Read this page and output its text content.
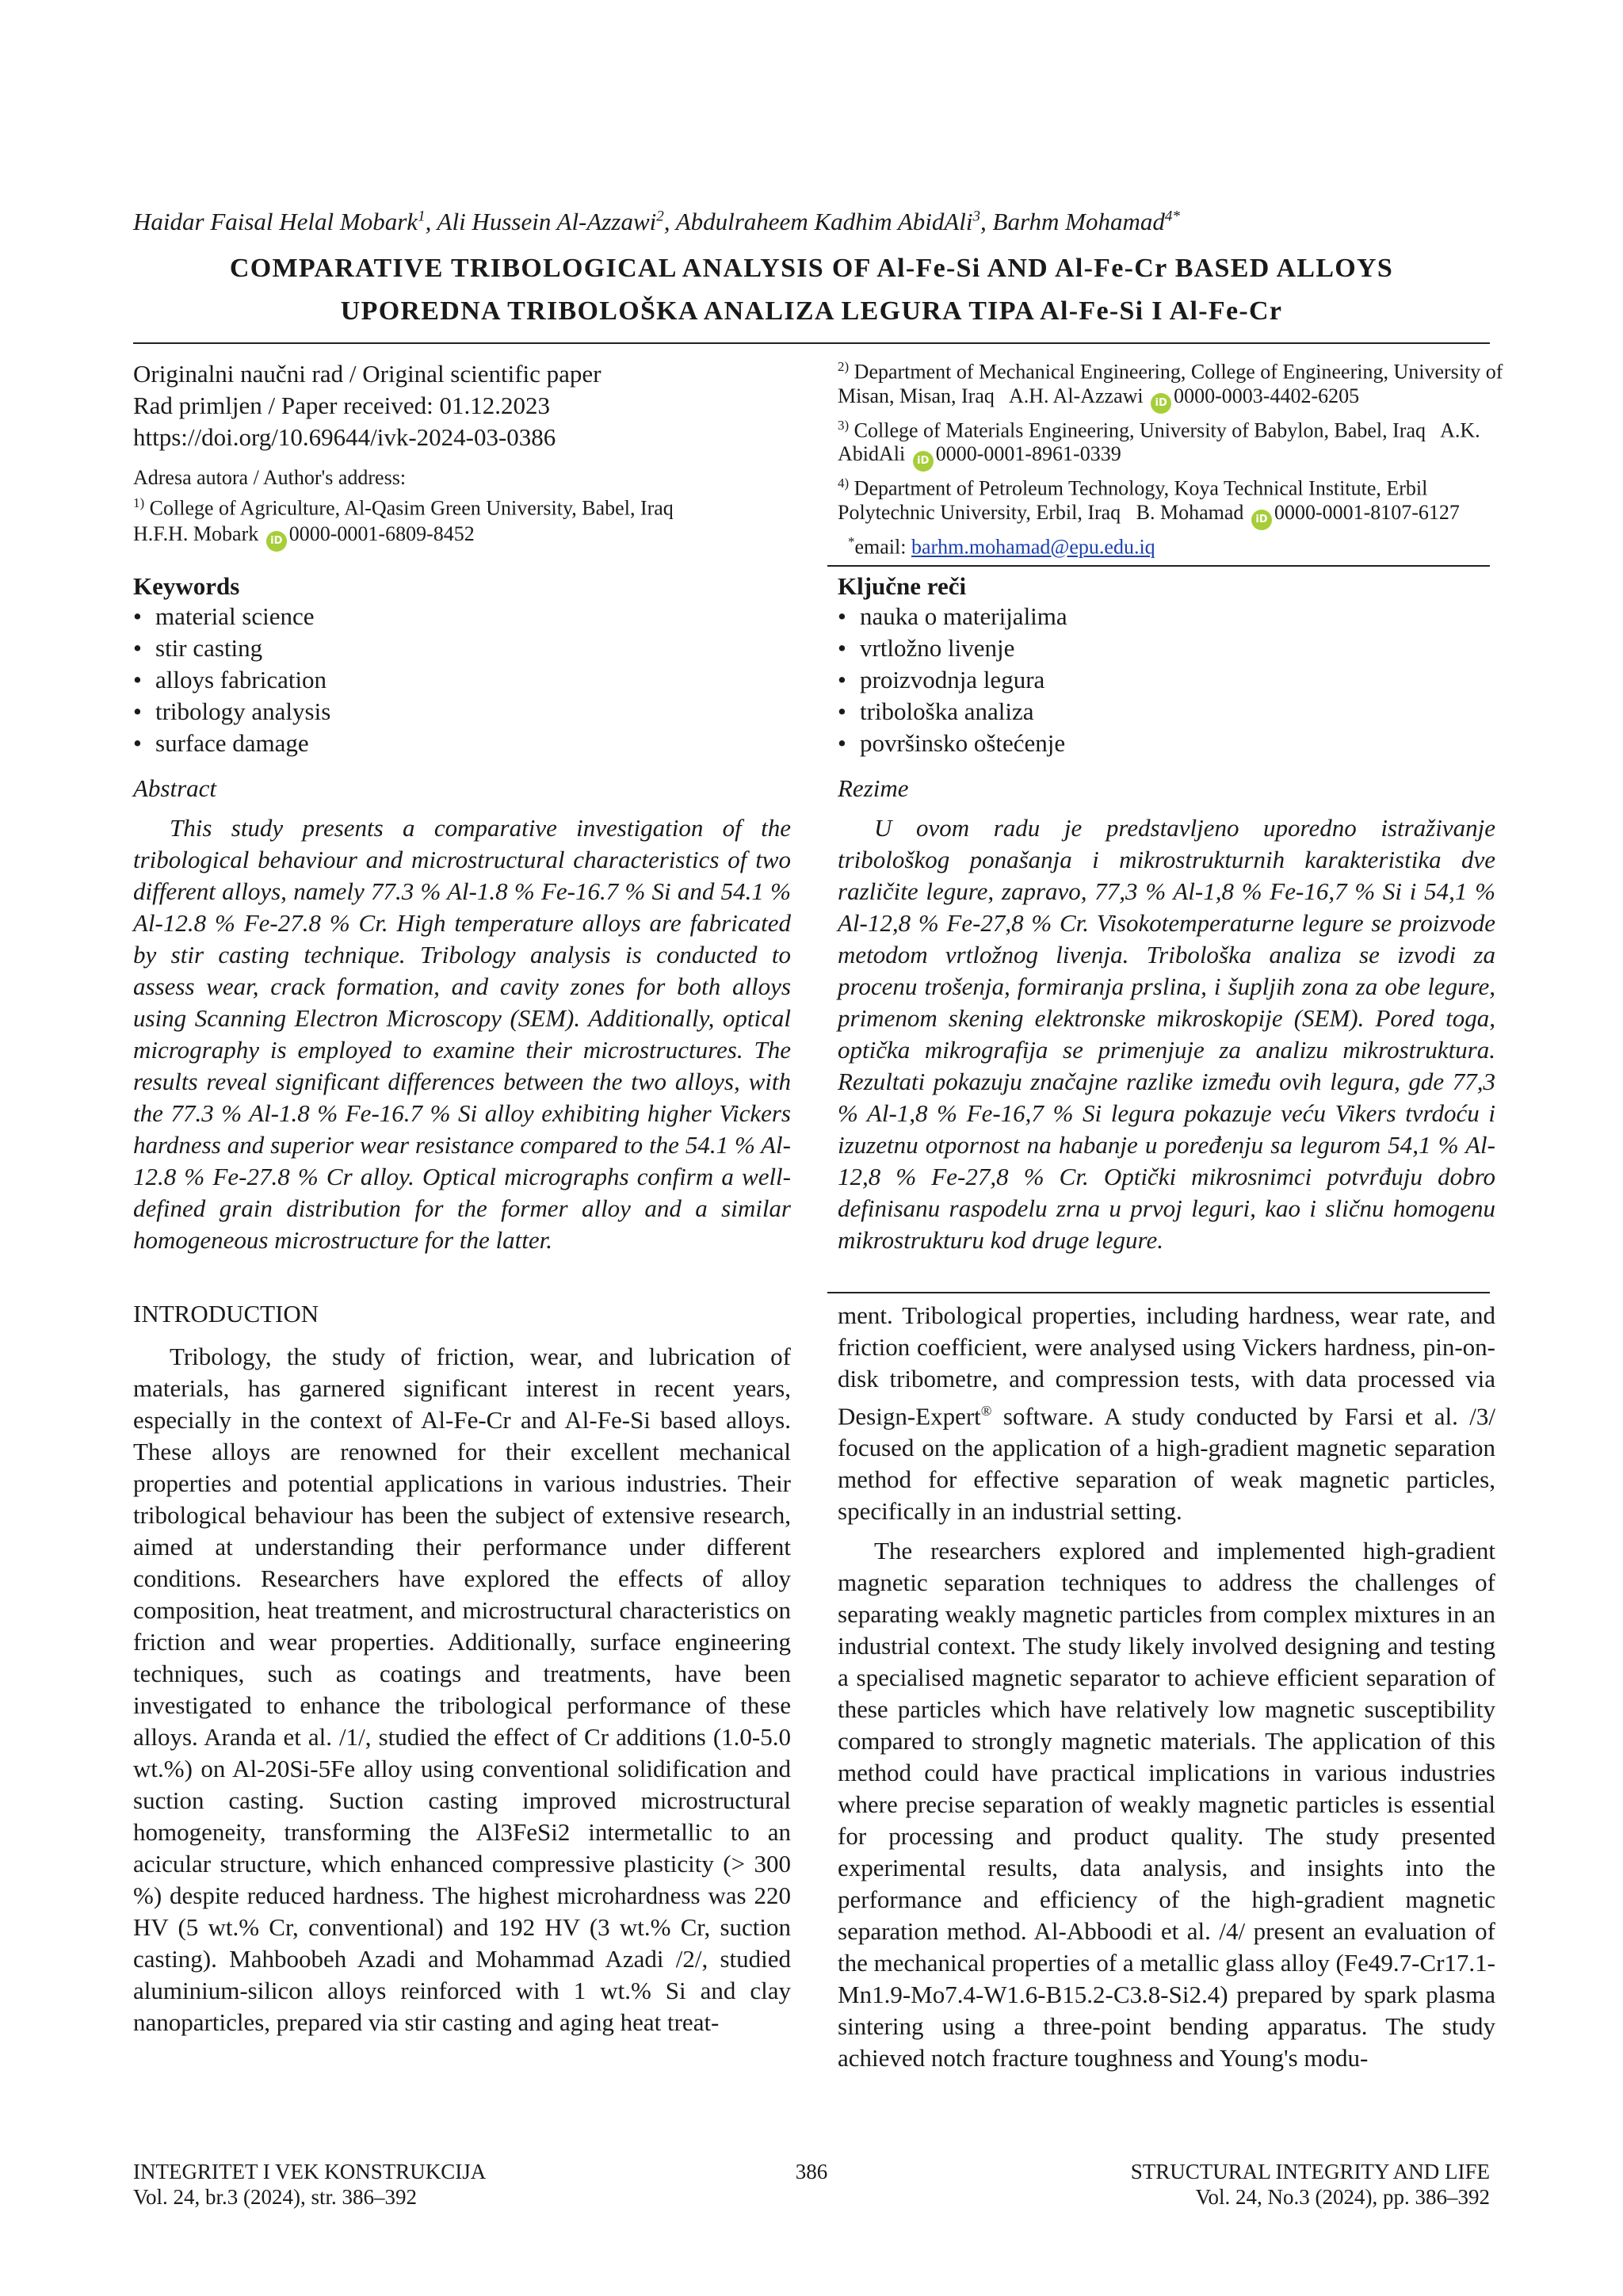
Haidar Faisal Helal Mobark$^1$, Ali Hussein Al-Azzawi$^2$, Abdulraheem Kadhim AbidAli$^3$, Barhm Mohamad$^{4*}$
COMPARATIVE TRIBOLOGICAL ANALYSIS OF Al-Fe-Si AND Al-Fe-Cr BASED ALLOYS
UPOREDNA TRIBOLOŠKA ANALIZA LEGURA TIPA Al-Fe-Si I Al-Fe-Cr
Originalni naučni rad / Original scientific paper
Rad primljen / Paper received: 01.12.2023
https://doi.org/10.69644/ivk-2024-03-0386
Adresa autora / Author's address:
$^{1)}$ College of Agriculture, Al-Qasim Green University, Babel, Iraq
H.F.H. Mobark iD 0000-0001-6809-8452
$^{2)}$ Department of Mechanical Engineering, College of Engineering, University of Misan, Misan, Iraq A.H. Al-Azzawi iD 0000-0003-4402-6205
$^{3)}$ College of Materials Engineering, University of Babylon, Babel, Iraq A.K. AbidAli iD 0000-0001-8961-0339
$^{4)}$ Department of Petroleum Technology, Koya Technical Institute, Erbil Polytechnic University, Erbil, Iraq B. Mohamad iD 0000-0001-8107-6127   *email: barhm.mohamad@epu.edu.iq
Keywords
• material science
• stir casting
• alloys fabrication
• tribology analysis
• surface damage
Ključne reči
• nauka o materijalima
• vrtložno livenje
• proizvodnja legura
• tribološka analiza
• površinsko oštećenje
Abstract
This study presents a comparative investigation of the tribological behaviour and microstructural characteristics of two different alloys, namely 77.3 % Al-1.8 % Fe-16.7 % Si and 54.1 % Al-12.8 % Fe-27.8 % Cr. High temperature alloys are fabricated by stir casting technique. Tribology analysis is conducted to assess wear, crack formation, and cavity zones for both alloys using Scanning Electron Microscopy (SEM). Additionally, optical micrography is employed to examine their microstructures. The results reveal significant differences between the two alloys, with the 77.3 % Al-1.8 % Fe-16.7 % Si alloy exhibiting higher Vickers hardness and superior wear resistance compared to the 54.1 % Al-12.8 % Fe-27.8 % Cr alloy. Optical micrographs confirm a well-defined grain distribution for the former alloy and a similar homogeneous microstructure for the latter.
Rezime
U ovom radu je predstavljeno uporedno istraživanje tribološkog ponašanja i mikrostrukturnih karakteristika dve različite legure, zapravo, 77,3 % Al-1,8 % Fe-16,7 % Si i 54,1 % Al-12,8 % Fe-27,8 % Cr. Visokotemperaturne legure se proizvode metodom vrtložnog livenja. Tribološka analiza se izvodi za procenu trošenja, formiranja prslina, i šupljih zona za obe legure, primenom skening elektronske mikroskopije (SEM). Pored toga, optička mikrografija se primenjuje za analizu mikrostruktura. Rezultati pokazuju značajne razlike između ovih legura, gde 77,3 % Al-1,8 % Fe-16,7 % Si legura pokazuje veću Vikers tvrdoću i izuzetnu otpornost na habanje u poređenju sa legurom 54,1 % Al-12,8 % Fe-27,8 % Cr. Optički mikrosnimci potvrđuju dobro definisanu raspodelu zrna u prvoj leguri, kao i sličnu homogenu mikrostrukturu kod druge legure.
INTRODUCTION

Tribology, the study of friction, wear, and lubrication of materials, has garnered significant interest in recent years, especially in the context of Al-Fe-Cr and Al-Fe-Si based alloys. These alloys are renowned for their excellent mechanical properties and potential applications in various industries. Their tribological behaviour has been the subject of extensive research, aimed at understanding their performance under different conditions. Researchers have explored the effects of alloy composition, heat treatment, and microstructural characteristics on friction and wear properties. Additionally, surface engineering techniques, such as coatings and treatments, have been investigated to enhance the tribological performance of these alloys. Aranda et al. /1/, studied the effect of Cr additions (1.0-5.0 wt.%) on Al-20Si-5Fe alloy using conventional solidification and suction casting. Suction casting improved microstructural homogeneity, transforming the Al3FeSi2 intermetallic to an acicular structure, which enhanced compressive plasticity (> 300 %) despite reduced hardness. The highest microhardness was 220 HV (5 wt.% Cr, conventional) and 192 HV (3 wt.% Cr, suction casting). Mahboobeh Azadi and Mohammad Azadi /2/, studied aluminium-silicon alloys reinforced with 1 wt.% Si and clay nanoparticles, prepared via stir casting and aging heat treat-

ment. Tribological properties, including hardness, wear rate, and friction coefficient, were analysed using Vickers hardness, pin-on-disk tribometre, and compression tests, with data processed via Design-Expert® software. A study conducted by Farsi et al. /3/ focused on the application of a high-gradient magnetic separation method for effective separation of weak magnetic particles, specifically in an industrial setting.

The researchers explored and implemented high-gradient magnetic separation techniques to address the challenges of separating weakly magnetic particles from complex mixtures in an industrial context. The study likely involved designing and testing a specialised magnetic separator to achieve efficient separation of these particles which have relatively low magnetic susceptibility compared to strongly magnetic materials. The application of this method could have practical implications in various industries where precise separation of weakly magnetic particles is essential for processing and product quality. The study presented experimental results, data analysis, and insights into the performance and efficiency of the high-gradient magnetic separation method. Al-Abboodi et al. /4/ present an evaluation of the mechanical properties of a metallic glass alloy (Fe49.7-Cr17.1-Mn1.9-Mo7.4-W1.6-B15.2-C3.8-Si2.4) prepared by spark plasma sintering using a three-point bending apparatus. The study achieved notch fracture toughness and Young's modu-

INTEGRITET I VEK KONSTRUKCIJA
Vol. 24, br.3 (2024), str. 386–392
386	STRUCTURAL INTEGRITY AND LIFE
Vol. 24, No.3 (2024), pp. 386–392
